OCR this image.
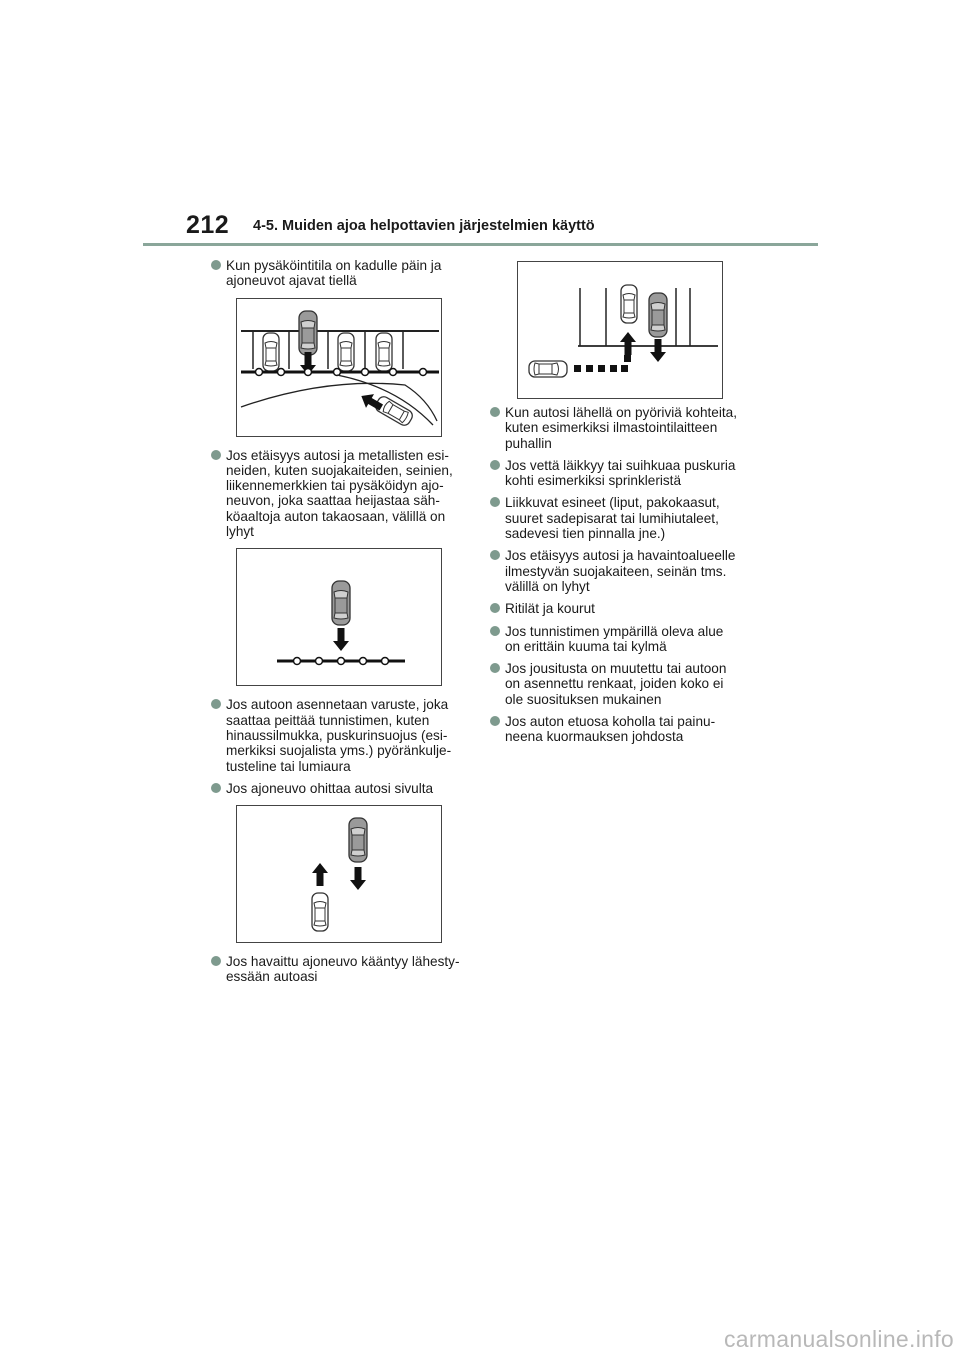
212 4-5. Muiden ajoa helpottavien järjestelmien käyttö
Kun pysäköintitila on kadulle päin ja
ajoneuvot ajavat tiellä
Jos etäisyys autosi ja metallisten esi-
neiden, kuten suojakaiteiden, seinien,
liikennemerkkien tai pysäköidyn ajo-
neuvon, joka saattaa heijastaa säh-
köaaltoja auton takaosaan, välillä on
lyhyt
Jos autoon asennetaan varuste, joka
saattaa peittää tunnistimen, kuten
hinaussilmukka, puskurinsuojus (esi-
merkiksi suojalista yms.) pyöränkulje-
tusteline tai lumiaura
Jos ajoneuvo ohittaa autosi sivulta
Jos havaittu ajoneuvo kääntyy lähesty-
essään autoasi
Kun autosi lähellä on pyöriviä kohteita,
kuten esimerkiksi ilmastointilaitteen
puhallin
Jos vettä läikkyy tai suihkuaa puskuria
kohti esimerkiksi sprinkleristä
Liikkuvat esineet (liput, pakokaasut,
suuret sadepisarat tai lumihiutaleet,
sadevesi tien pinnalla jne.)
Jos etäisyys autosi ja havaintoalueelle
ilmestyvän suojakaiteen, seinän tms.
välillä on lyhyt
Ritilät ja kourut
Jos tunnistimen ympärillä oleva alue
on erittäin kuuma tai kylmä
Jos jousitusta on muutettu tai autoon
on asennettu renkaat, joiden koko ei
ole suosituksen mukainen
Jos auton etuosa koholla tai painu-
neena kuormauksen johdosta
carmanualsonline.info
